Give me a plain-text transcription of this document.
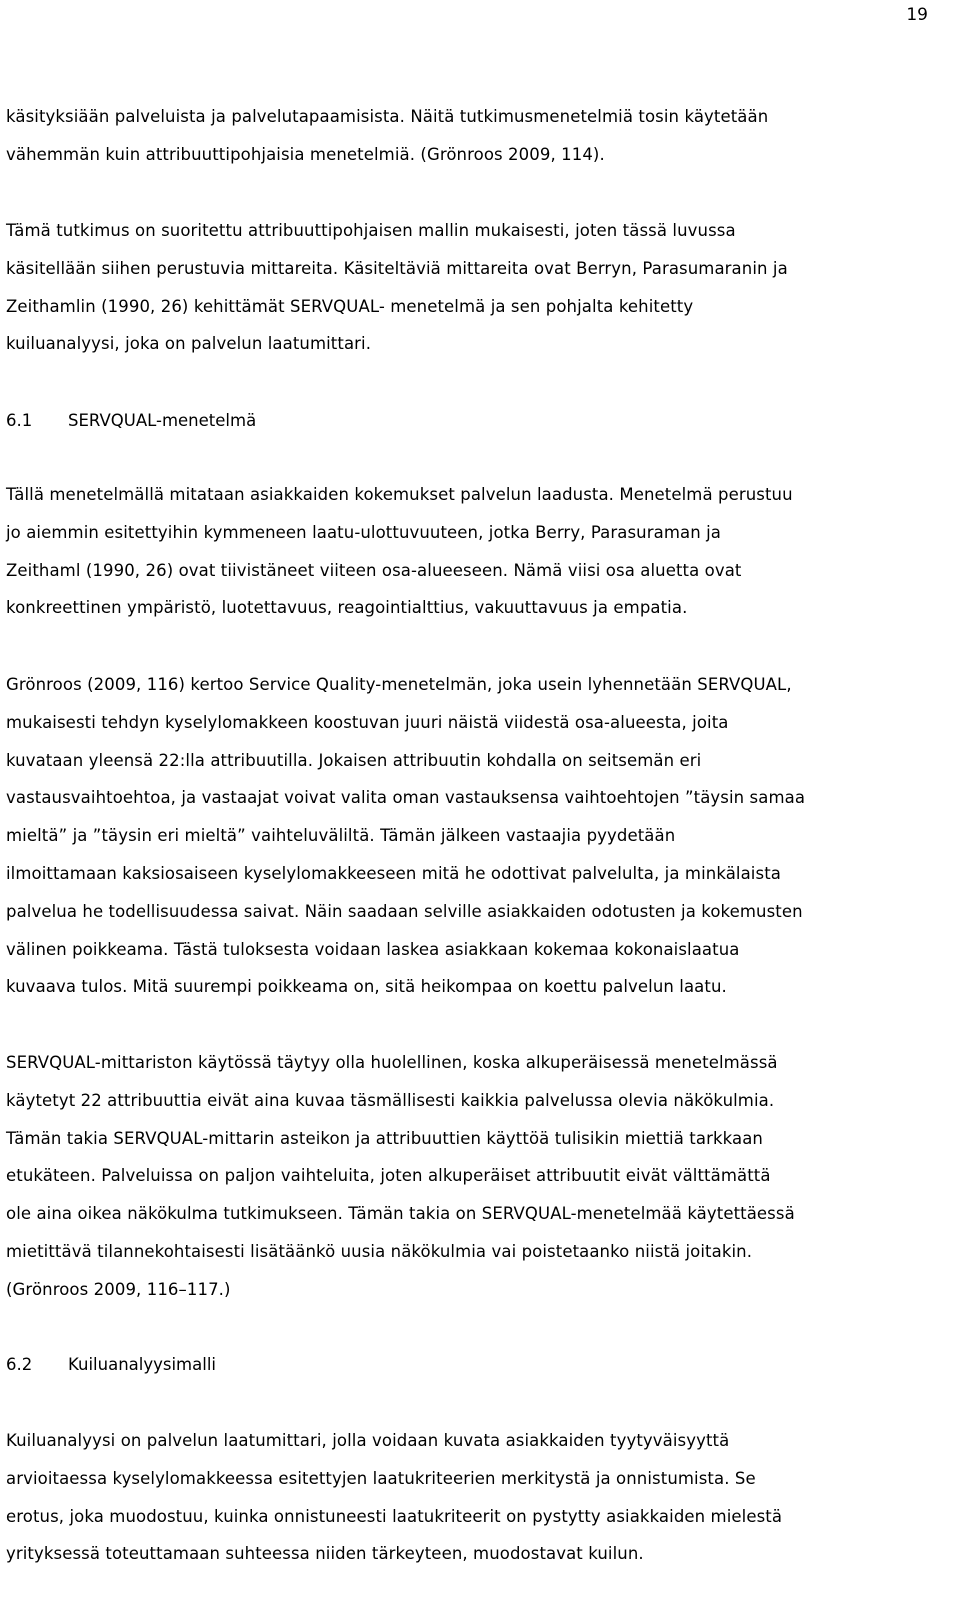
19

käsityksiään palveluista ja palvelutapaamisista. Näitä tutkimusmenetelmiä tosin käytetään
vähemmän kuin attribuuttipohjaisia menetelmiä. (Grönroos 2009, 114).

Tämä tutkimus on suoritettu attribuuttipohjaisen mallin mukaisesti, joten tässä luvussa
käsitellään siihen perustuvia mittareita. Käsiteltäviä mittareita ovat Berryn, Parasumaranin ja
Zeithamlin (1990, 26) kehittämät SERVQUAL- menetelmä ja sen pohjalta kehitetty
kuiluanalyysi, joka on palvelun laatumittari.

6.1 SERVQUAL-menetelmä

Tällä menetelmällä mitataan asiakkaiden kokemukset palvelun laadusta. Menetelmä perustuu
jo aiemmin esitettyihin kymmeneen laatu-ulottuvuuteen, jotka Berry, Parasuraman ja
Zeithaml (1990, 26) ovat tiivistäneet viiteen osa-alueeseen. Nämä viisi osa aluetta ovat
konkreettinen ympäristö, luotettavuus, reagointialttius, vakuuttavuus ja empatia.

Grönroos (2009, 116) kertoo Service Quality-menetelmän, joka usein lyhennetään SERVQUAL,
mukaisesti tehdyn kyselylomakkeen koostuvan juuri näistä viidestä osa-alueesta, joita
kuvataan yleensä 22:lla attribuutilla. Jokaisen attribuutin kohdalla on seitsemän eri
vastausvaihtoehtoa, ja vastaajat voivat valita oman vastauksensa vaihtoehtojen ”täysin samaa
mieltä” ja ”täysin eri mieltä” vaihteluväliltä. Tämän jälkeen vastaajia pyydetään
ilmoittamaan kaksiosaiseen kyselylomakkeeseen mitä he odottivat palvelulta, ja minkälaista
palvelua he todellisuudessa saivat. Näin saadaan selville asiakkaiden odotusten ja kokemusten
välinen poikkeama. Tästä tuloksesta voidaan laskea asiakkaan kokemaa kokonaislaatua
kuvaava tulos. Mitä suurempi poikkeama on, sitä heikompaa on koettu palvelun laatu.

SERVQUAL-mittariston käytössä täytyy olla huolellinen, koska alkuperäisessä menetelmässä
käytetyt 22 attribuuttia eivät aina kuvaa täsmällisesti kaikkia palvelussa olevia näkökulmia.
Tämän takia SERVQUAL-mittarin asteikon ja attribuuttien käyttöä tulisikin miettiä tarkkaan
etukäteen. Palveluissa on paljon vaihteluita, joten alkuperäiset attribuutit eivät välttämättä
ole aina oikea näkökulma tutkimukseen. Tämän takia on SERVQUAL-menetelmää käytettäessä
mietittävä tilannekohtaisesti lisätäänkö uusia näkökulmia vai poistetaanko niistä joitakin.
(Grönroos 2009, 116–117.)

6.2 Kuiluanalyysimalli

Kuiluanalyysi on palvelun laatumittari, jolla voidaan kuvata asiakkaiden tyytyväisyyttä
arvioitaessa kyselylomakkeessa esitettyjen laatukriteerien merkitystä ja onnistumista. Se
erotus, joka muodostuu, kuinka onnistuneesti laatukriteerit on pystytty asiakkaiden mielestä
yrityksessä toteuttamaan suhteessa niiden tärkeyteen, muodostavat kuilun.
